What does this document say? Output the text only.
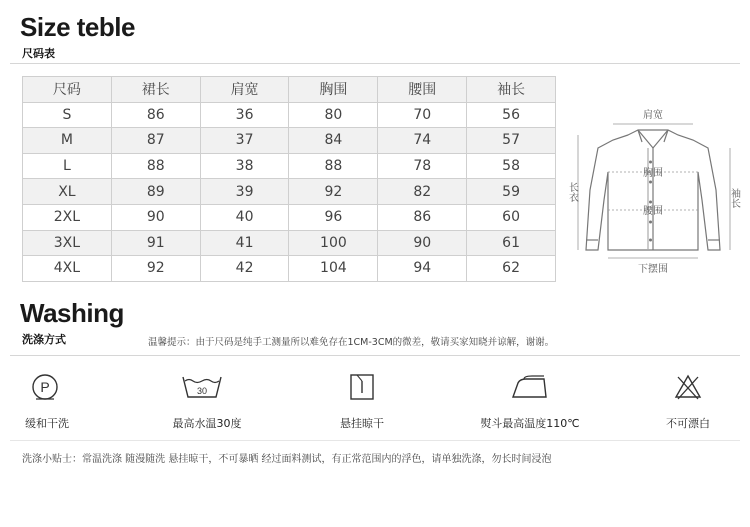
Size teble
尺码表
尺码	裙长	肩宽	胸围	腰围	袖长
S	86	36	80	70	56
M	87	37	84	74	57
L	88	38	88	78	58
XL	89	39	92	82	59
2XL	90	40	96	86	60
3XL	91	41	100	90	61
4XL	92	42	104	94	62
肩宽
胸围
腰围
下摆围
长衣	袖长
Washing
洗涤方式	温馨提示：由于尺码是纯手工测量所以难免存在1CM-3CM的微差，敬请买家知晓并谅解，谢谢。
P	30
缓和干洗	最高水温30度	悬挂晾干	熨斗最高温度110℃	不可漂白
洗涤小贴士：常温洗涤 随漫随洗 悬挂晾干，不可暴晒 经过面料测试，有正常范围内的浮色，请单独洗涤，勿长时间浸泡
